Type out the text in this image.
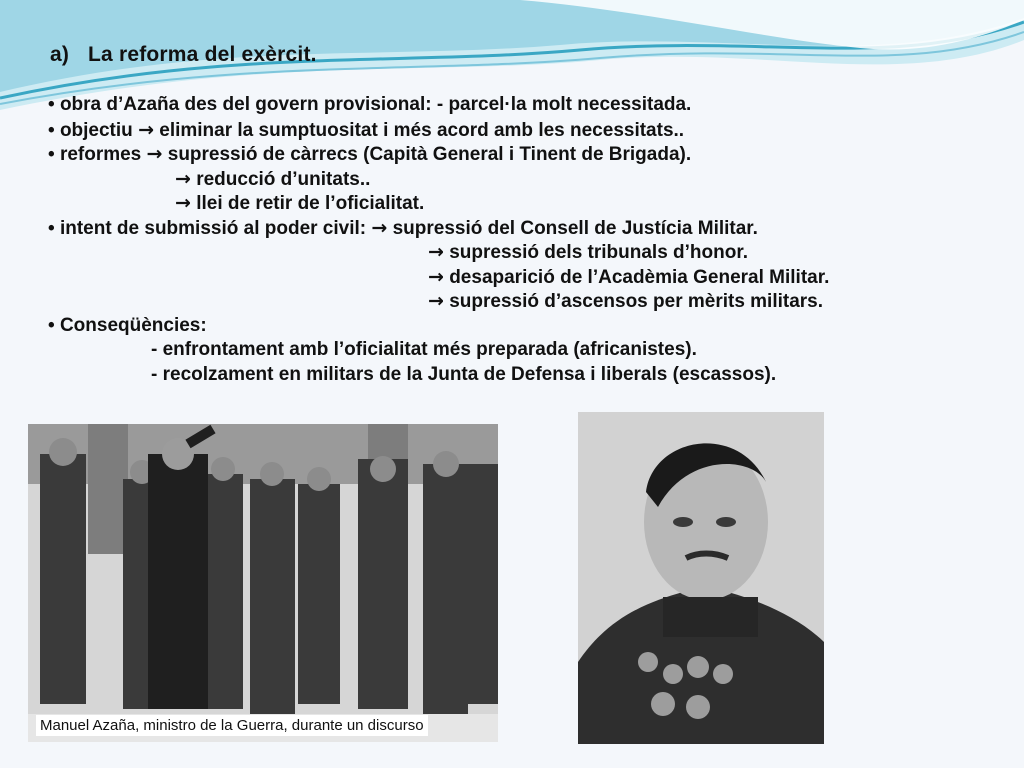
a) La reforma del exèrcit.
• obra d’Azaña des del govern provisional: - parcel·la molt necessitada.
• objectiu → eliminar la sumptuositat i més acord amb les necessitats..
• reformes → supressió de càrrecs (Capità General i Tinent de Brigada).
→ reducció d’unitats..
→ llei de retir de l’oficialitat.
• intent de submissió al poder civil: → supressió del Consell de Justícia Militar.
→ supressió dels tribunals d’honor.
→ desaparició de l’Acadèmia General Militar.
→ supressió d’ascensos per mèrits militars.
• Conseqüències:
- enfrontament amb l’oficialitat més preparada (africanistes).
- recolzament en militars de la Junta de Defensa i liberals (escassos).
Manuel Azaña, ministro de la Guerra, durante un discurso
